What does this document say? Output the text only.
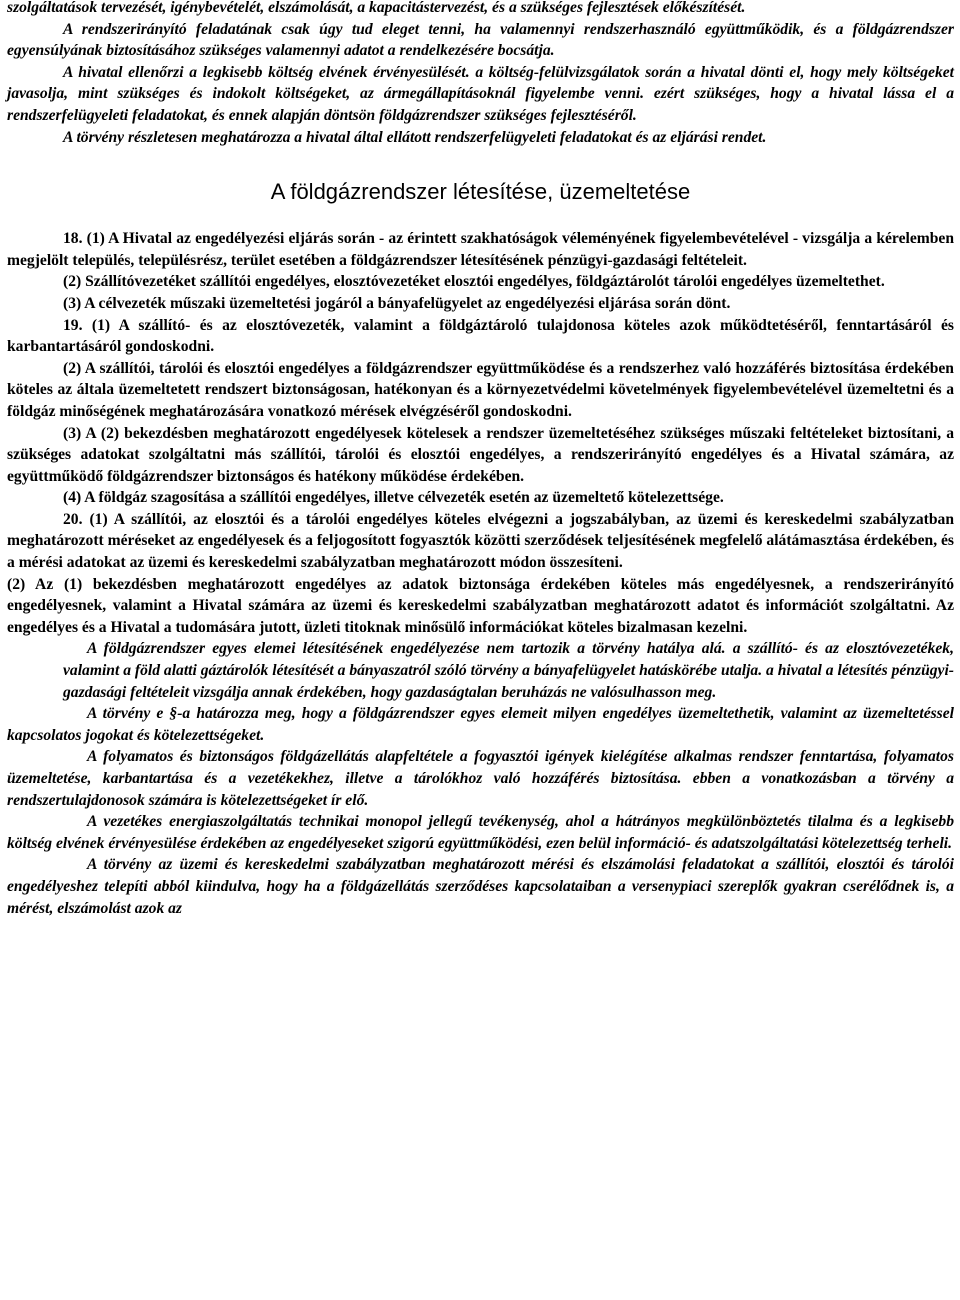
szolgáltatások tervezését, igénybevételét, elszámolását, a kapacitástervezést, és a szükséges fejlesztések előkészítését.

A rendszerirányító feladatának csak úgy tud eleget tenni, ha valamennyi rendszerhasználó együttműködik, és a földgázrendszer egyensúlyának biztosításához szükséges valamennyi adatot a rendelkezésére bocsátja.

A hivatal ellenőrzi a legkisebb költség elvének érvényesülését. a költség-felülvizsgálatok során a hivatal dönti el, hogy mely költségeket javasolja, mint szükséges és indokolt költségeket, az ármegállapításoknál figyelembe venni. ezért szükséges, hogy a hivatal lássa el a rendszerfelügyeleti feladatokat, és ennek alapján döntsön földgázrendszer szükséges fejlesztéséről.

A törvény részletesen meghatározza a hivatal által ellátott rendszerfelügyeleti feladatokat és az eljárási rendet.

A földgázrendszer létesítése, üzemeltetése

18. (1) A Hivatal az engedélyezési eljárás során - az érintett szakhatóságok véleményének figyelembevételével - vizsgálja a kérelemben megjelölt település, településrész, terület esetében a földgázrendszer létesítésének pénzügyi-gazdasági feltételeit.

(2) Szállítóvezetéket szállítói engedélyes, elosztóvezetéket elosztói engedélyes, földgáztárolót tárolói engedélyes üzemeltethet.

(3) A célvezeték műszaki üzemeltetési jogáról a bányafelügyelet az engedélyezési eljárása során dönt.

19. (1) A szállító- és az elosztóvezeték, valamint a földgáztároló tulajdonosa köteles azok működtetéséről, fenntartásáról és karbantartásáról gondoskodni.

(2) A szállítói, tárolói és elosztói engedélyes a földgázrendszer együttműködése és a rendszerhez való hozzáférés biztosítása érdekében köteles az általa üzemeltetett rendszert biztonságosan, hatékonyan és a környezetvédelmi követelmények figyelembevételével üzemeltetni és a földgáz minőségének meghatározására vonatkozó mérések elvégzéséről gondoskodni.

(3) A (2) bekezdésben meghatározott engedélyesek kötelesek a rendszer üzemeltetéséhez szükséges műszaki feltételeket biztosítani, a szükséges adatokat szolgáltatni más szállítói, tárolói és elosztói engedélyes, a rendszerirányító engedélyes és a Hivatal számára, az együttműködő földgázrendszer biztonságos és hatékony működése érdekében.

(4) A földgáz szagosítása a szállítói engedélyes, illetve célvezeték esetén az üzemeltető kötelezettsége.

20. (1) A szállítói, az elosztói és a tárolói engedélyes köteles elvégezni a jogszabályban, az üzemi és kereskedelmi szabályzatban meghatározott méréseket az engedélyesek és a feljogosított fogyasztók közötti szerződések teljesítésének megfelelő alátámasztása érdekében, és a mérési adatokat az üzemi és kereskedelmi szabályzatban meghatározott módon összesíteni.

(2) Az (1) bekezdésben meghatározott engedélyes az adatok biztonsága érdekében köteles más engedélyesnek, a rendszerirányító engedélyesnek, valamint a Hivatal számára az üzemi és kereskedelmi szabályzatban meghatározott adatot és információt szolgáltatni. Az engedélyes és a Hivatal a tudomására jutott, üzleti titoknak minősülő információkat köteles bizalmasan kezelni.

A földgázrendszer egyes elemei létesítésének engedélyezése nem tartozik a törvény hatálya alá. a szállító- és az elosztóvezetékek, valamint a föld alatti gáztárolók létesítését a bányaszatról szóló törvény a bányafelügyelet hatáskörébe utalja. a hivatal a létesítés pénzügyi-gazdasági feltételeit vizsgálja annak érdekében, hogy gazdaságtalan beruházás ne valósulhasson meg.

A törvény e §-a határozza meg, hogy a földgázrendszer egyes elemeit milyen engedélyes üzemeltethetik, valamint az üzemeltetéssel kapcsolatos jogokat és kötelezettségeket.

A folyamatos és biztonságos földgázellátás alapfeltétele a fogyasztói igények kielégítése alkalmas rendszer fenntartása, folyamatos üzemeltetése, karbantartása és a vezetékekhez, illetve a tárolókhoz való hozzáférés biztosítása. ebben a vonatkozásban a törvény a rendszertulajdonosok számára is kötelezettségeket ír elő.

A vezetékes energiaszolgáltatás technikai monopol jellegű tevékenység, ahol a hátrányos megkülönböztetés tilalma és a legkisebb költség elvének érvényesülése érdekében az engedélyeseket szigorú együttműködési, ezen belül információ- és adatszolgáltatási kötelezettség terheli.

A törvény az üzemi és kereskedelmi szabályzatban meghatározott mérési és elszámolási feladatokat a szállítói, elosztói és tárolói engedélyeshez telepíti abból kiindulva, hogy ha a földgázellátás szerződéses kapcsolataiban a versenypiaci szereplők gyakran cserélődnek is, a mérést, elszámolást azok az
